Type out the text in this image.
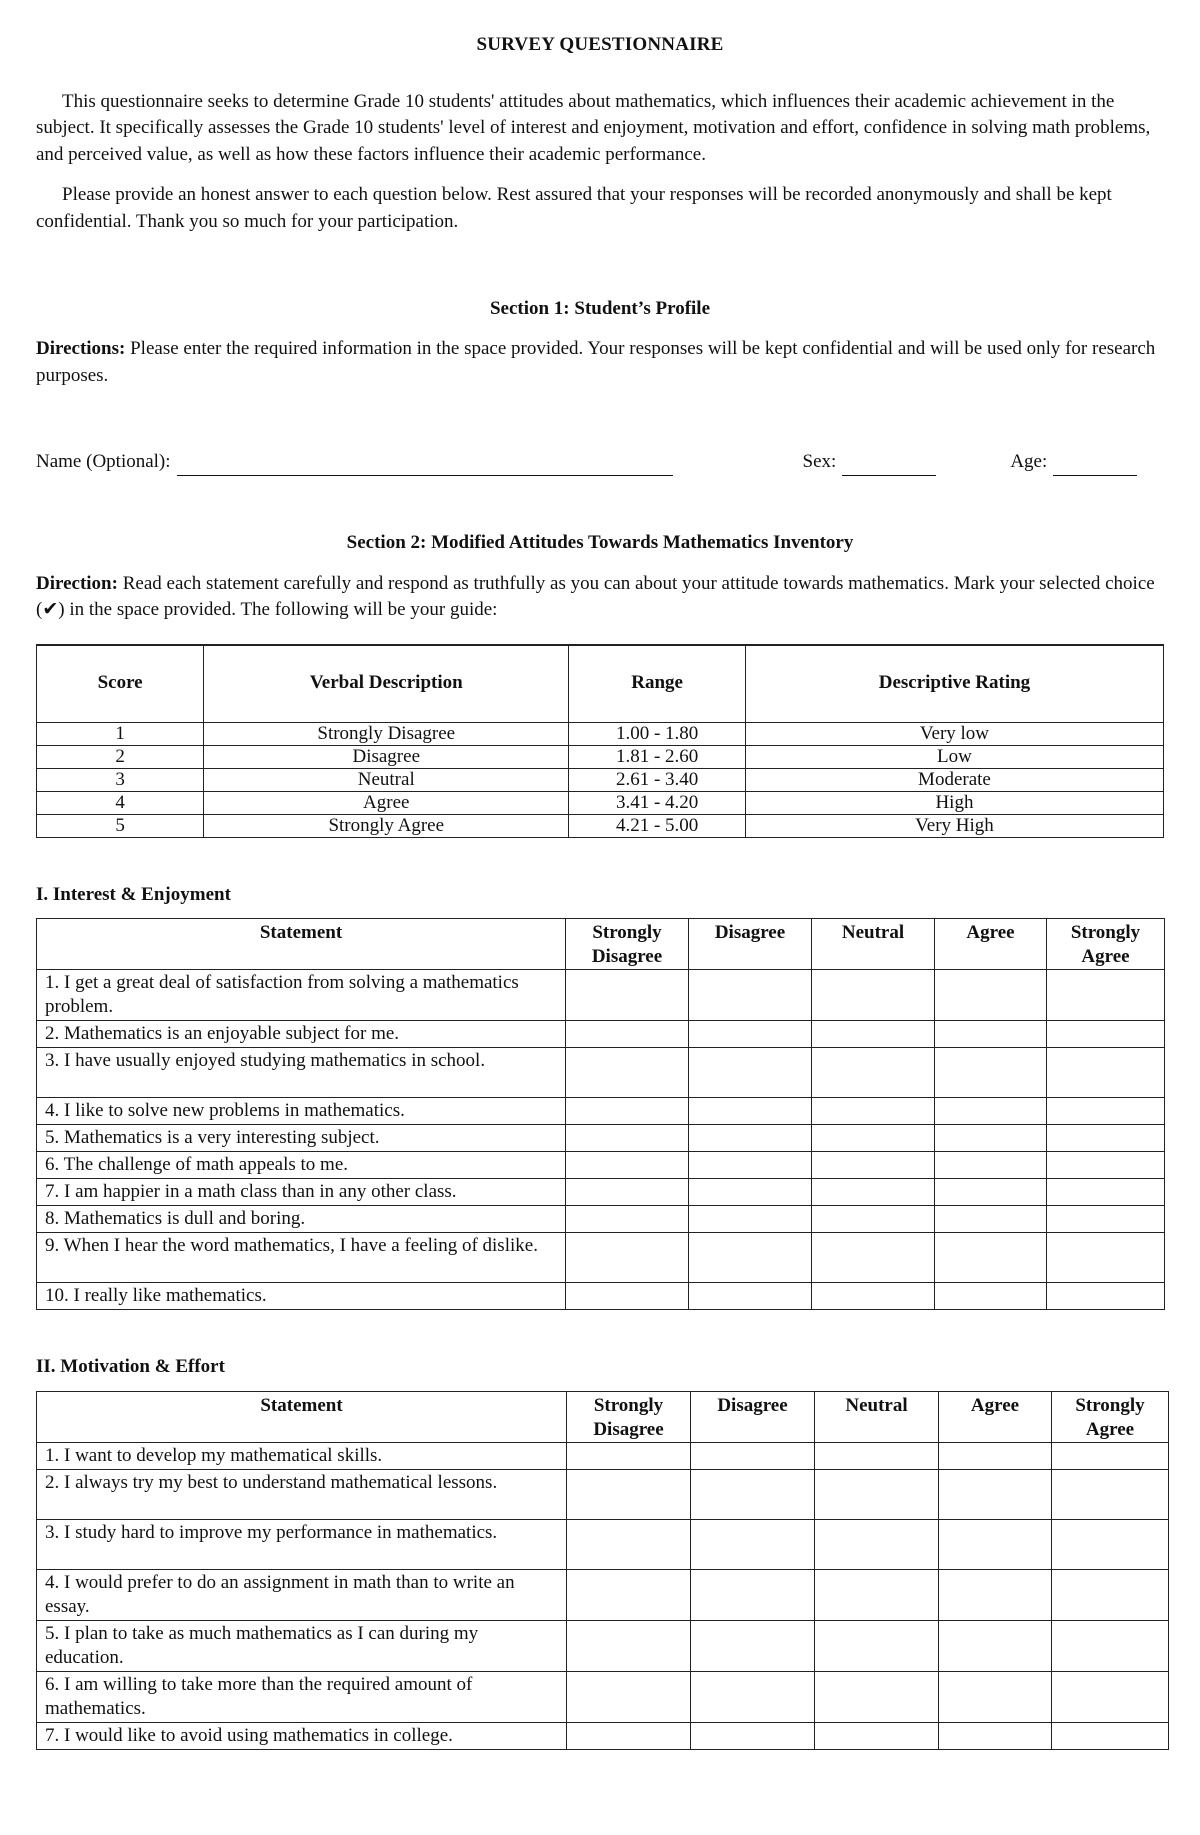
SURVEY QUESTIONNAIRE

This questionnaire seeks to determine Grade 10 students' attitudes about mathematics, which influences their academic achievement in the subject. It specifically assesses the Grade 10 students' level of interest and enjoyment, motivation and effort, confidence in solving math problems, and perceived value, as well as how these factors influence their academic performance.

Please provide an honest answer to each question below. Rest assured that your responses will be recorded anonymously and shall be kept confidential. Thank you so much for your participation.

Section 1: Student’s Profile

Directions: Please enter the required information in the space provided. Your responses will be kept confidential and will be used only for research purposes.

Name (Optional):	Sex:	Age:
Section 2: Modified Attitudes Towards Mathematics Inventory

Direction: Read each statement carefully and respond as truthfully as you can about your attitude towards mathematics. Mark your selected choice (✔) in the space provided. The following will be your guide:

Score	Verbal Description	Range	Descriptive Rating
1	Strongly Disagree	1.00 - 1.80	Very low
2	Disagree	1.81 - 2.60	Low
3	Neutral	2.61 - 3.40	Moderate
4	Agree	3.41 - 4.20	High
5	Strongly Agree	4.21 - 5.00	Very High
I. Interest & Enjoyment
Statement	Strongly Disagree	Disagree	Neutral	Agree	Strongly Agree
1. I get a great deal of satisfaction from solving a mathematics problem.					
2. Mathematics is an enjoyable subject for me.					
3. I have usually enjoyed studying mathematics in school.					
4. I like to solve new problems in mathematics.					
5. Mathematics is a very interesting subject.					
6. The challenge of math appeals to me.					
7. I am happier in a math class than in any other class.					
8. Mathematics is dull and boring.					
9. When I hear the word mathematics, I have a feeling of dislike.					
10. I really like mathematics.					
II. Motivation & Effort
Statement	Strongly Disagree	Disagree	Neutral	Agree	Strongly Agree
1. I want to develop my mathematical skills.					
2. I always try my best to understand mathematical lessons.					
3. I study hard to improve my performance in mathematics.					
4. I would prefer to do an assignment in math than to write an essay.					
5. I plan to take as much mathematics as I can during my education.					
6. I am willing to take more than the required amount of mathematics.					
7. I would like to avoid using mathematics in college.					
